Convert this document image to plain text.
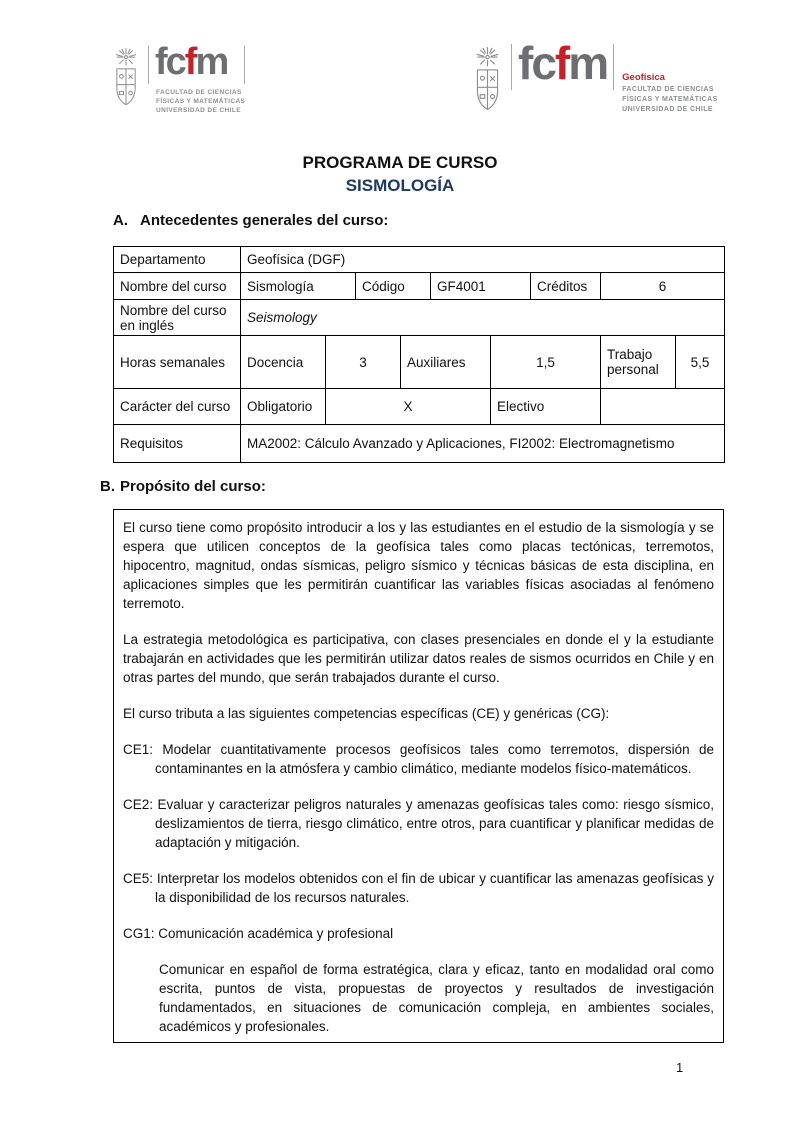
fcfm
FACULTAD DE CIENCIAS
FÍSICAS Y MATEMÁTICAS
UNIVERSIDAD DE CHILE
fcfm	Geofísica
FACULTAD DE CIENCIAS
FÍSICAS Y MATEMÁTICAS
UNIVERSIDAD DE CHILE
PROGRAMA DE CURSO
SISMOLOGÍA
A. Antecedentes generales del curso:
Departamento	Geofísica (DGF)								
Nombre del curso	Sismología		Código		GF4001		Créditos	6	
Nombre del curso en inglés	Seismology								
Horas semanales	Docencia	3		Auxiliares		1,5		Trabajo personal	5,5
Carácter del curso	Obligatorio	X				Electivo			
Requisitos	MA2002: Cálculo Avanzado y Aplicaciones, FI2002: Electromagnetismo								
B. Propósito del curso:

El curso tiene como propósito introducir a los y las estudiantes en el estudio de la sismología y se espera que utilicen conceptos de la geofísica tales como placas tectónicas, terremotos, hipocentro, magnitud, ondas sísmicas, peligro sísmico y técnicas básicas de esta disciplina, en aplicaciones simples que les permitirán cuantificar las variables físicas asociadas al fenómeno terremoto.

La estrategia metodológica es participativa, con clases presenciales en donde el y la estudiante trabajarán en actividades que les permitirán utilizar datos reales de sismos ocurridos en Chile y en otras partes del mundo, que serán trabajados durante el curso.

El curso tributa a las siguientes competencias específicas (CE) y genéricas (CG):

CE1: Modelar cuantitativamente procesos geofísicos tales como terremotos, dispersión de contaminantes en la atmósfera y cambio climático, mediante modelos físico-matemáticos.

CE2: Evaluar y caracterizar peligros naturales y amenazas geofísicas tales como: riesgo sísmico, deslizamientos de tierra, riesgo climático, entre otros, para cuantificar y planificar medidas de adaptación y mitigación.

CE5: Interpretar los modelos obtenidos con el fin de ubicar y cuantificar las amenazas geofísicas y la disponibilidad de los recursos naturales.

CG1: Comunicación académica y profesional

Comunicar en español de forma estratégica, clara y eficaz, tanto en modalidad oral como escrita, puntos de vista, propuestas de proyectos y resultados de investigación fundamentados, en situaciones de comunicación compleja, en ambientes sociales, académicos y profesionales.

1
